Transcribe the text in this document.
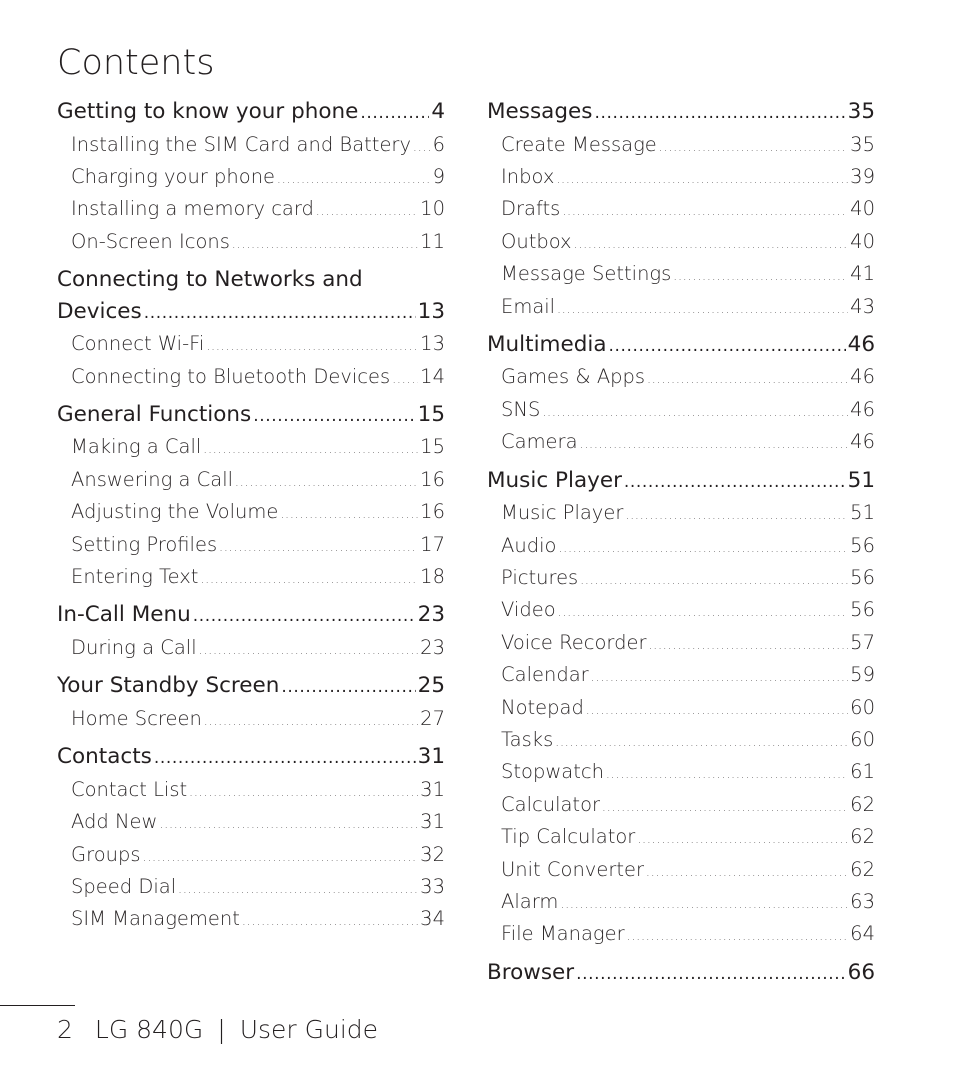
Contents
Getting to know your phone .....	4
Installing the SIM Card and Battery ..... 6
Charging your phone .....	9
Installing a memory card .....	10
On-Screen Icons .....	11
Connecting to Networks and
Devices .....	13
Connect Wi-Fi .....	13
Connecting to Bluetooth Devices ..... 14
General Functions .....	15
Making a Call .....	15
Answering a Call .....	16
Adjusting the Volume .....	16
Setting Profiles .....	17
Entering Text .....	18
In-Call Menu .....	23
During a Call .....	23
Your Standby Screen .....	25
Home Screen .....	27
Contacts .....	31
Contact List .....	31
Add New .....	31
Groups .....	32
Speed Dial .....	33
SIM Management .....	34
Messages .....	35
Create Message .....	35
Inbox .....	39
Drafts .....	40
Outbox .....	40
Message Settings .....	41
Email .....	43
Multimedia .....	46
Games & Apps .....	46
SNS .....	46
Camera .....	46
Music Player .....	51
Music Player .....	51
Audio .....	56
Pictures .....	56
Video .....	56
Voice Recorder .....	57
Calendar .....	59
Notepad .....	60
Tasks .....	60
Stopwatch .....	61
Calculator .....	62
Tip Calculator .....	62
Unit Converter .....	62
Alarm .....	63
File Manager .....	64
Browser .....	66
2 LG 840G | User Guide
